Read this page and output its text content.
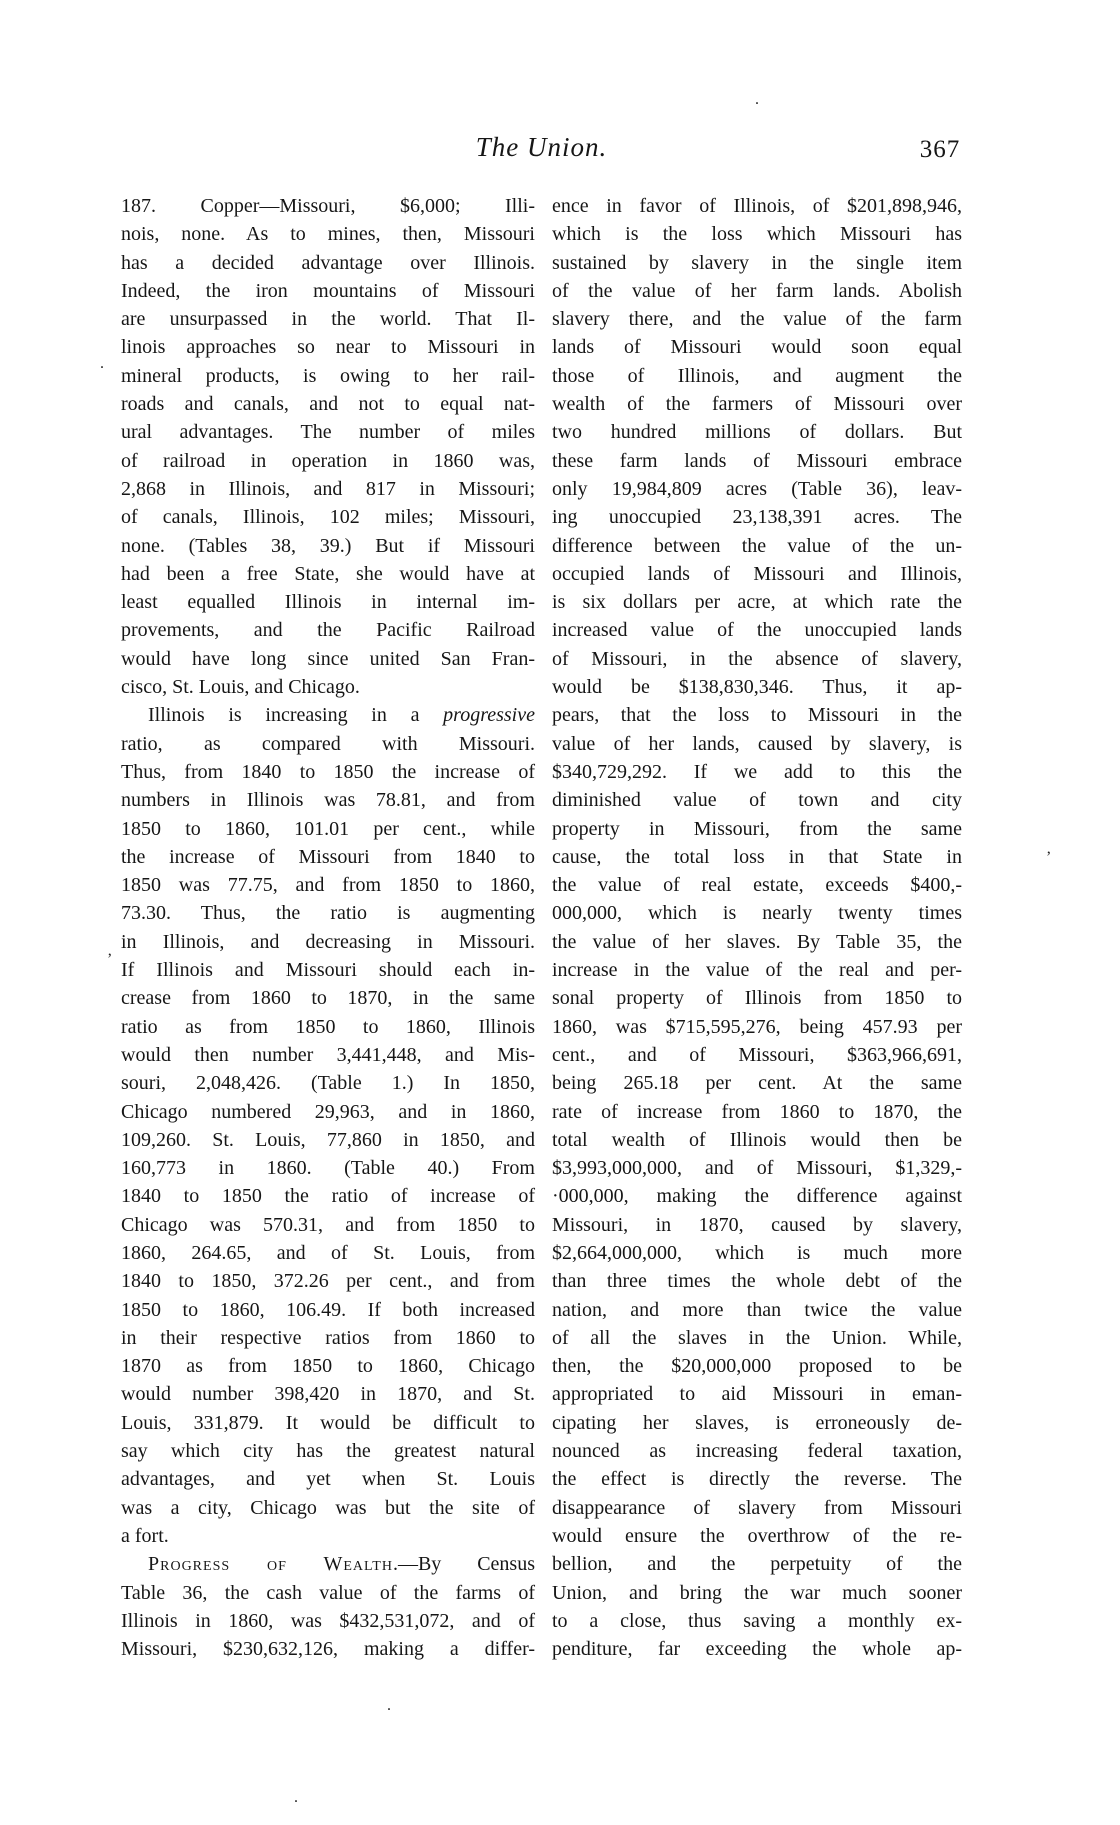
The Union.	367
187. Copper—Missouri, $6,000; Illi-
nois, none. As to mines, then, Missouri
has a decided advantage over Illinois.
Indeed, the iron mountains of Missouri
are unsurpassed in the world. That Il-
linois approaches so near to Missouri in
mineral products, is owing to her rail-
roads and canals, and not to equal nat-
ural advantages. The number of miles
of railroad in operation in 1860 was,
2,868 in Illinois, and 817 in Missouri;
of canals, Illinois, 102 miles; Missouri,
none. (Tables 38, 39.) But if Missouri
had been a free State, she would have at
least equalled Illinois in internal im-
provements, and the Pacific Railroad
would have long since united San Fran-
cisco, St. Louis, and Chicago.
Illinois is increasing in a progressive
ratio, as compared with Missouri.
Thus, from 1840 to 1850 the increase of
numbers in Illinois was 78.81, and from
1850 to 1860, 101.01 per cent., while
the increase of Missouri from 1840 to
1850 was 77.75, and from 1850 to 1860,
73.30. Thus, the ratio is augmenting
in Illinois, and decreasing in Missouri.
If Illinois and Missouri should each in-
crease from 1860 to 1870, in the same
ratio as from 1850 to 1860, Illinois
would then number 3,441,448, and Mis-
souri, 2,048,426. (Table 1.) In 1850,
Chicago numbered 29,963, and in 1860,
109,260. St. Louis, 77,860 in 1850, and
160,773 in 1860. (Table 40.) From
1840 to 1850 the ratio of increase of
Chicago was 570.31, and from 1850 to
1860, 264.65, and of St. Louis, from
1840 to 1850, 372.26 per cent., and from
1850 to 1860, 106.49. If both increased
in their respective ratios from 1860 to
1870 as from 1850 to 1860, Chicago
would number 398,420 in 1870, and St.
Louis, 331,879. It would be difficult to
say which city has the greatest natural
advantages, and yet when St. Louis
was a city, Chicago was but the site of
a fort.
Progress of Wealth.—By Census
Table 36, the cash value of the farms of
Illinois in 1860, was $432,531,072, and of
Missouri, $230,632,126, making a differ-
ence in favor of Illinois, of $201,898,946,
which is the loss which Missouri has
sustained by slavery in the single item
of the value of her farm lands. Abolish
slavery there, and the value of the farm
lands of Missouri would soon equal
those of Illinois, and augment the
wealth of the farmers of Missouri over
two hundred millions of dollars. But
these farm lands of Missouri embrace
only 19,984,809 acres (Table 36), leav-
ing unoccupied 23,138,391 acres. The
difference between the value of the un-
occupied lands of Missouri and Illinois,
is six dollars per acre, at which rate the
increased value of the unoccupied lands
of Missouri, in the absence of slavery,
would be $138,830,346. Thus, it ap-
pears, that the loss to Missouri in the
value of her lands, caused by slavery, is
$340,729,292. If we add to this the
diminished value of town and city
property in Missouri, from the same
cause, the total loss in that State in
the value of real estate, exceeds $400,-
000,000, which is nearly twenty times
the value of her slaves. By Table 35, the
increase in the value of the real and per-
sonal property of Illinois from 1850 to
1860, was $715,595,276, being 457.93 per
cent., and of Missouri, $363,966,691,
being 265.18 per cent. At the same
rate of increase from 1860 to 1870, the
total wealth of Illinois would then be
$3,993,000,000, and of Missouri, $1,329,-
·000,000, making the difference against
Missouri, in 1870, caused by slavery,
$2,664,000,000, which is much more
than three times the whole debt of the
nation, and more than twice the value
of all the slaves in the Union. While,
then, the $20,000,000 proposed to be
appropriated to aid Missouri in eman-
cipating her slaves, is erroneously de-
nounced as increasing federal taxation,
the effect is directly the reverse. The
disappearance of slavery from Missouri
would ensure the overthrow of the re-
bellion, and the perpetuity of the
Union, and bring the war much sooner
to a close, thus saving a monthly ex-
penditure, far exceeding the whole ap-
’
.
.
’
.
.
